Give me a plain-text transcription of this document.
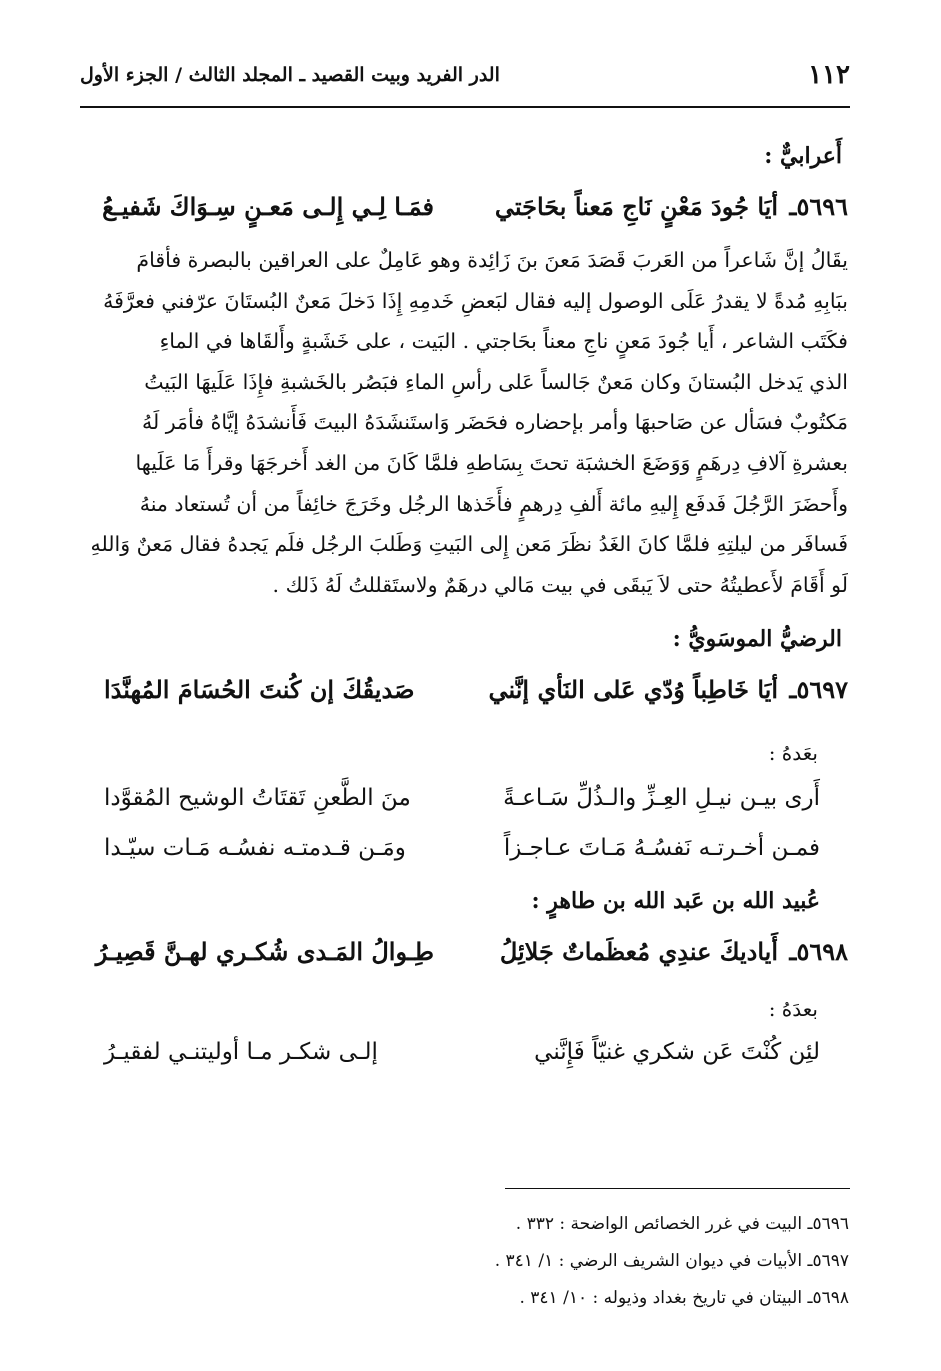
١١٢
الدر الفريد وبيت القصيد ـ المجلد الثالث / الجزء الأول
أَعرابيٌّ :
٥٦٩٦ـ
أيَا جُودَ مَعْنٍ نَاجِ مَعناً بحَاجَتي
فمَـا لِـي إِلـى مَعـنٍ سِـوَاكَ شَفيـعُ

يقَالُ إنَّ شَاعراً من العَربَ قَصَدَ مَعنَ بنَ زَائِدة وهو عَامِلٌ على العراقين بالبصرة فأقامَ

ببَابِهِ مُدةً لا يقدرُ عَلَى الوصول إليه فقال لبَعضِ خَدمِهِ إِذَا دَخلَ مَعنٌ البُستَانَ عرّفني فعرَّفَهُ

فكَتَب الشاعر ، أَيا جُودَ مَعنٍ ناجِ معناً بحَاجتي . البَيت ، على خَشَبةٍ وأَلقَاها في الماءِ

الذي يَدخل البُستانَ وكان مَعنٌ جَالساً عَلى رأسِ الماءِ فبَصُر بالخَشبةِ فإِذَا عَلَيهَا البَيتُ

مَكتُوبٌ فسَأل عن صَاحبهَا وأمر بإحضاره فحَضَر وَاستَنشَدَهُ البيتَ فَأَنشدَهُ إيَّاهُ فأمَر لَهُ

بعشرةِ آلافِ دِرهَمٍ وَوَضَعَ الخشبَة تحتَ بِسَاطهِ فلمَّا كَانَ من الغد أَخرجَهَا وقرأَ مَا عَلَيها

وأَحضَرَ الرَّجُلَ فَدفَع إِليهِ مائة أَلفِ دِرهمٍ فأَخَذها الرجُل وخَرَجَ خائِفاً من أن تُستعاد منهُ

فَسافَر من ليلتِهِ فلمَّا كانَ الغَدُ نظَرَ مَعن إِلى البَيتِ وَطَلبَ الرجُل فلَم يَجدهُ فقال مَعنٌ وَاللهِ

لَو أَقَامَ لأَعطيتُهُ حتى لاَ يَبقَى في بيت مَالي درهَمٌ ولاستَقللتُ لَهُ ذَلك .

الرضيُّ الموسَويُّ :
٥٦٩٧ـ
أيَا خَاطِباً وُدّي عَلى النَأي إنَّني
صَديقُكَ إن كُنتَ الحُسَامَ المُهنَّدَا
بعَدهُ :
أَرى بيـن نيـلِ العِـزِّ والـذُلِّ سَـاعـةً
منَ الطَّعنِ تَقتَاتُ الوشيح المُقوَّدا
فمـن أخـرتـه نَفسُـهُ مَـاتَ عـاجـزاً
ومَـن قـدمتـه نفسُـه مَـات سيّـدا
عُبيد الله بن عَبد الله بن طاهرٍ :
٥٦٩٨ـ
أَياديكَ عندِي مُعظَماتٌ جَلائِلُ
طِـوالُ المَـدى شُكـري لهـنَّ قَصِيـرُ
بعدَهُ :
لئِن كُنْتَ عَن شكري غنيّاً فَإِنَّني
إلـى شكـر مـا أوليتنـي لفقيـرُ
٥٦٩٦ـ البيت في غرر الخصائص الواضحة : ٣٣٢ .
٥٦٩٧ـ الأبيات في ديوان الشريف الرضي : ١/ ٣٤١ .
٥٦٩٨ـ البيتان في تاريخ بغداد وذيوله : ١٠/ ٣٤١ .
